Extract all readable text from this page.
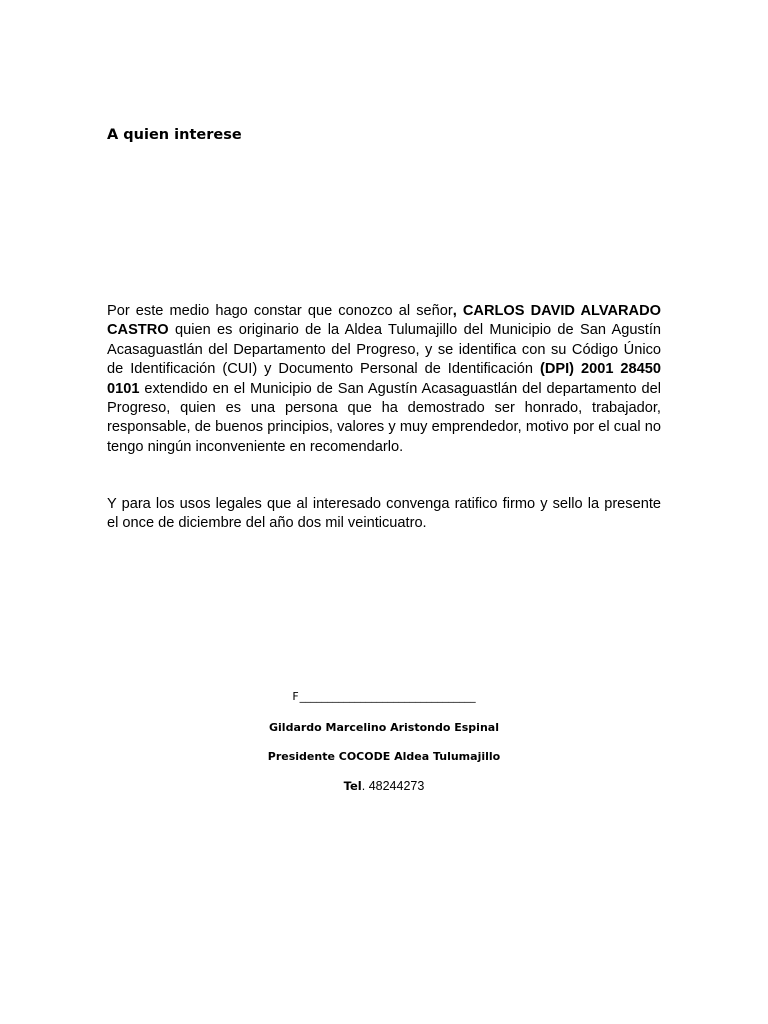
A quien interese

Por este medio hago constar que conozco al señor, CARLOS DAVID ALVARADO CASTRO quien es originario de la Aldea Tulumajillo del Municipio de San Agustín Acasaguastlán del Departamento del Progreso, y se identifica con su Código Único de Identificación (CUI) y Documento Personal de Identificación (DPI) 2001 28450 0101 extendido en el Municipio de San Agustín Acasaguastlán del departamento del Progreso, quien es una persona que ha demostrado ser honrado, trabajador, responsable, de buenos principios, valores y muy emprendedor, motivo por el cual no tengo ningún inconveniente en recomendarlo.

Y para los usos legales que al interesado convenga ratifico firmo y sello la presente el once de diciembre del año dos mil veinticuatro.

F________________________________
Gildardo Marcelino Aristondo Espinal
Presidente COCODE Aldea Tulumajillo
Tel. 48244273
